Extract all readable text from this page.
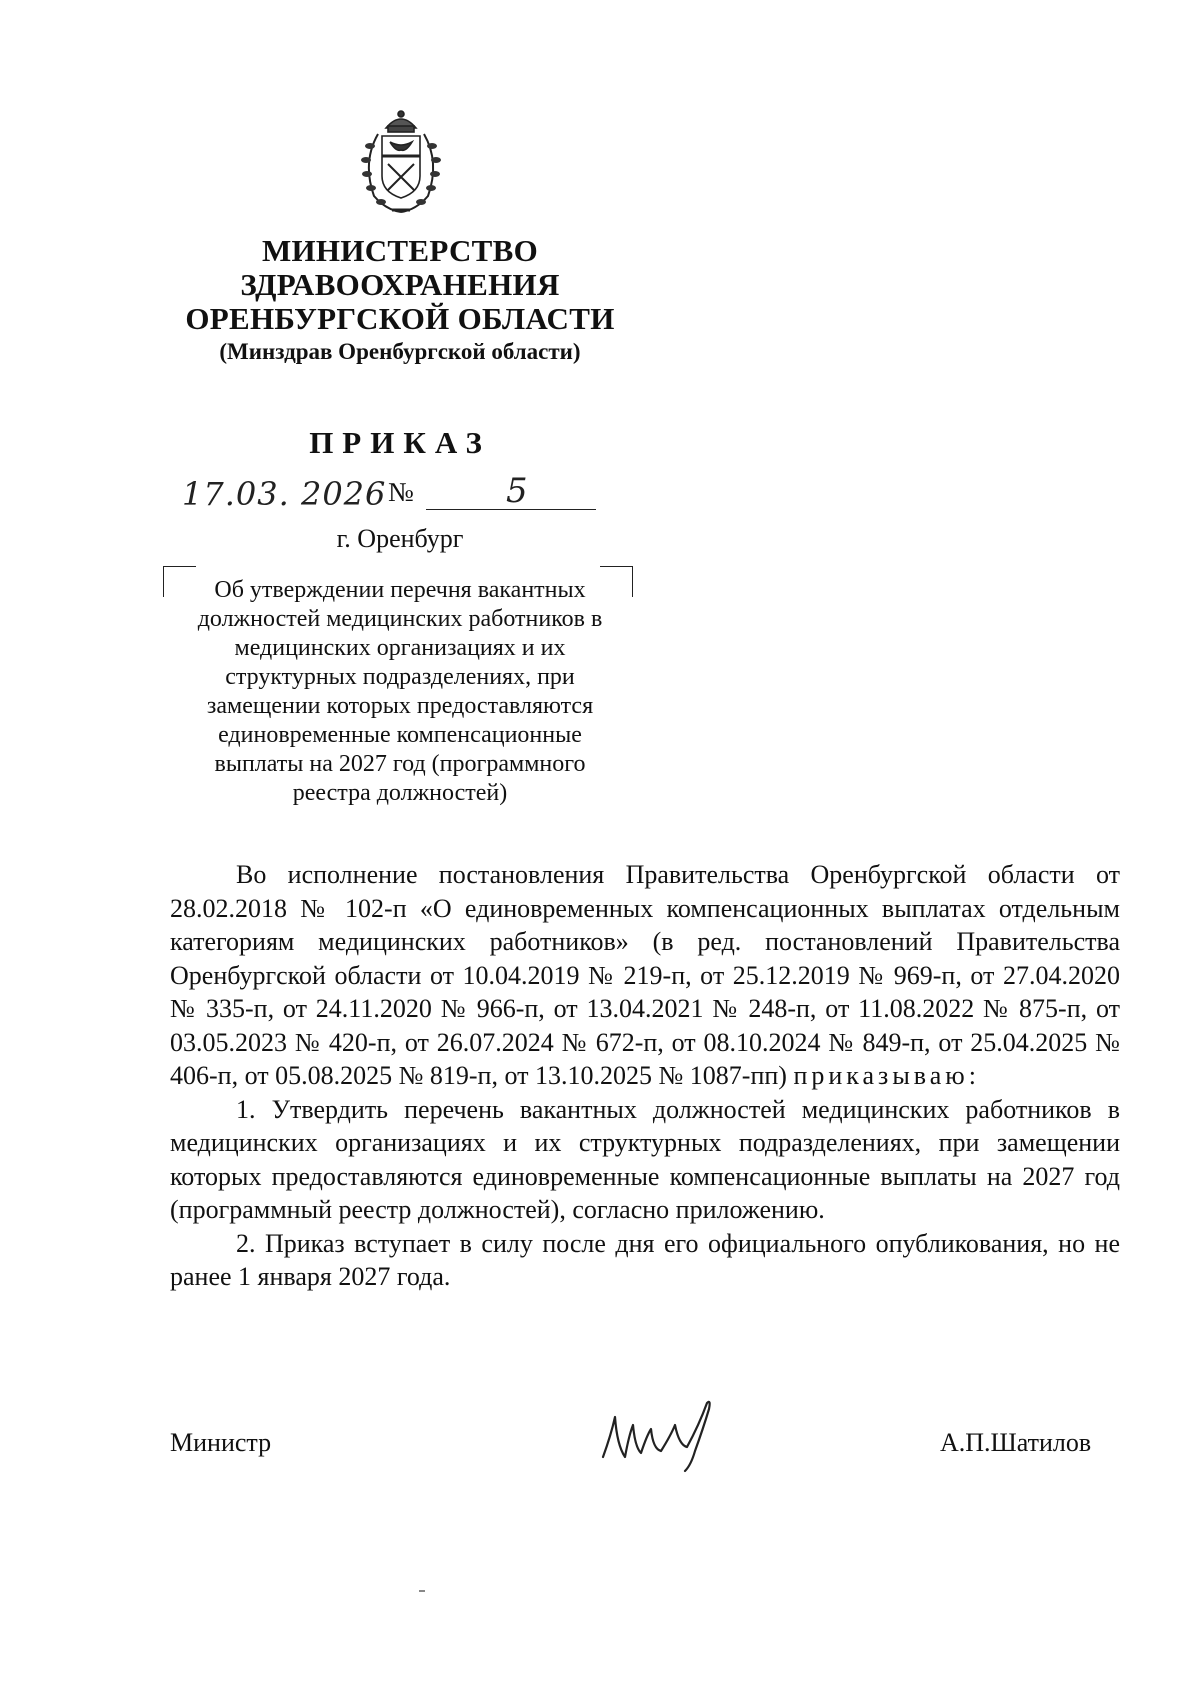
МИНИСТЕРСТВО
ЗДРАВООХРАНЕНИЯ
ОРЕНБУРГСКОЙ ОБЛАСТИ
(Минздрав Оренбургской области)
ПРИКАЗ
17.03. 2026 №	5
г. Оренбург
Об утверждении перечня вакантных должностей медицинских работников в медицинских организациях и их структурных подразделениях, при замещении которых предоставляются единовременные компенсационные выплаты на 2027 год (программного реестра должностей)

Во исполнение постановления Правительства Оренбургской области от 28.02.2018 № 102-п «О единовременных компенсационных выплатах отдельным категориям медицинских работников» (в ред. постановлений Правительства Оренбургской области от 10.04.2019 № 219-п, от 25.12.2019 № 969-п, от 27.04.2020 № 335-п, от 24.11.2020 № 966-п, от 13.04.2021 № 248-п, от 11.08.2022 № 875-п, от 03.05.2023 № 420-п, от 26.07.2024 № 672-п, от 08.10.2024 № 849-п, от 25.04.2025 № 406-п, от 05.08.2025 № 819-п, от 13.10.2025 № 1087-пп) приказываю:

1. Утвердить перечень вакантных должностей медицинских работников в медицинских организациях и их структурных подразделениях, при замещении которых предоставляются единовременные компенсационные выплаты на 2027 год (программный реестр должностей), согласно приложению.

2. Приказ вступает в силу после дня его официального опубликования, но не ранее 1 января 2027 года.

Министр	А.П.Шатилов
